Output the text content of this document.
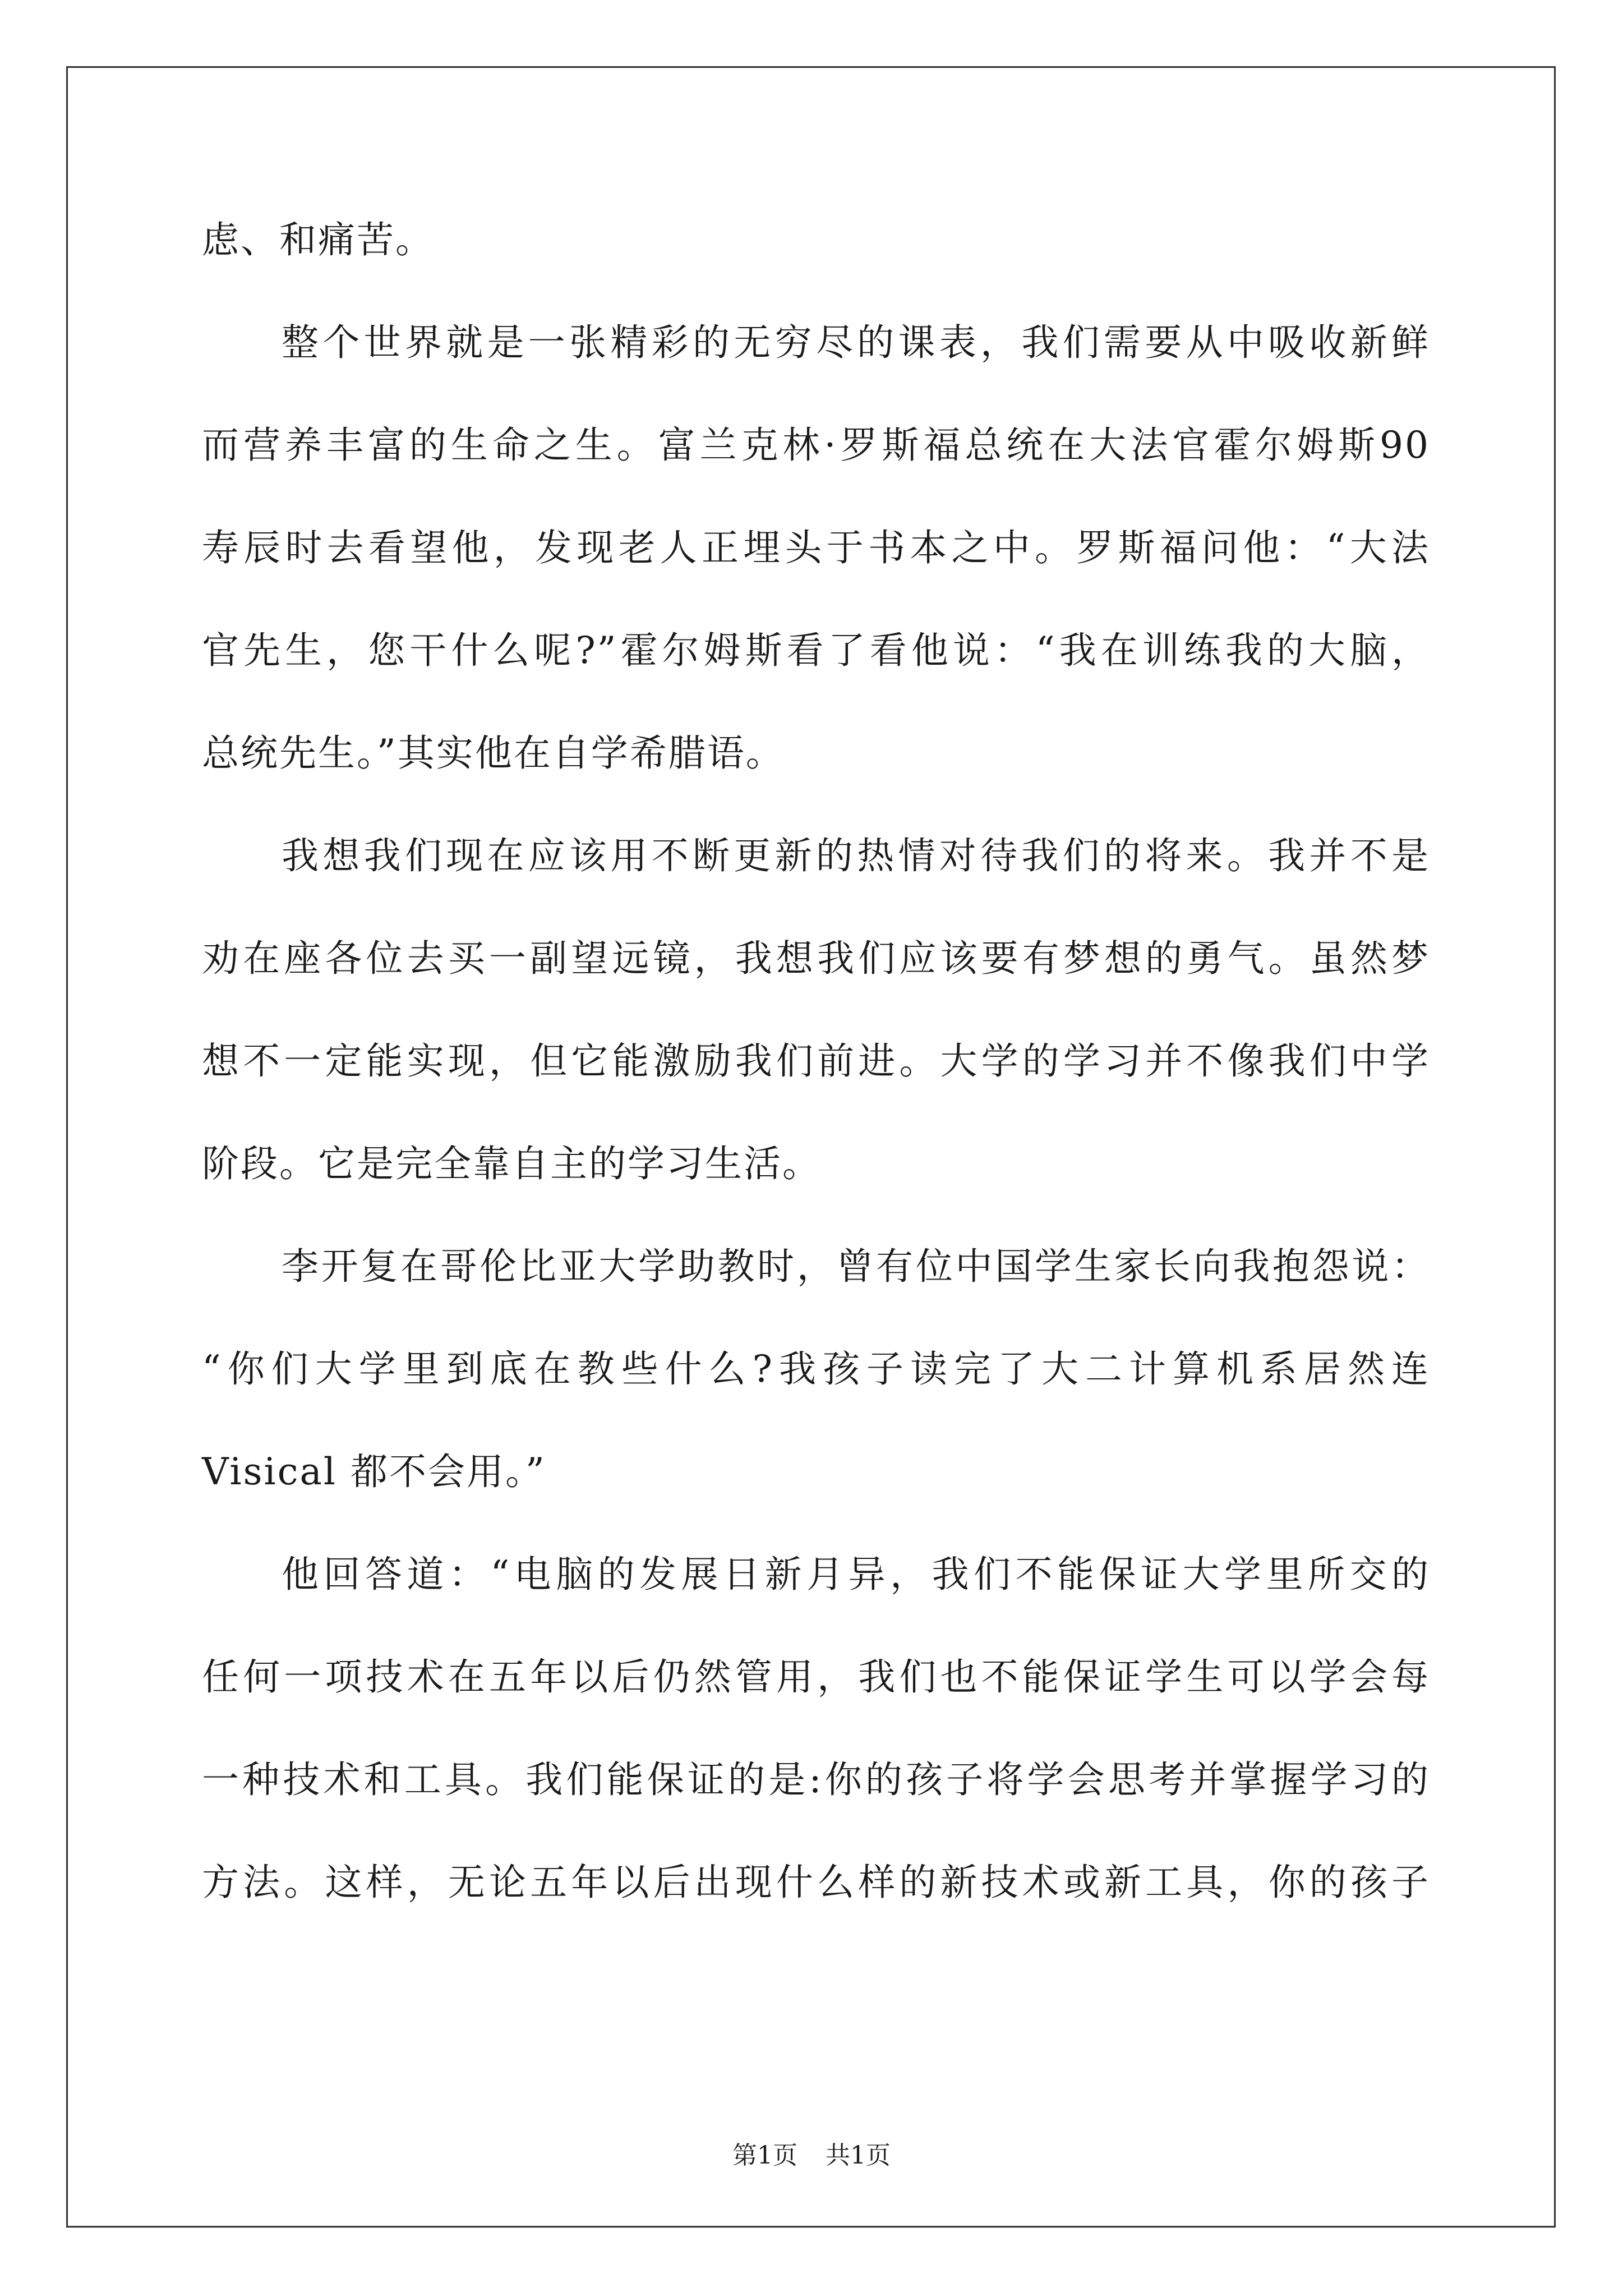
虑、和痛苦。
整个世界就是一张精彩的无穷尽的课表，我们需要从中吸收新鲜
而营养丰富的生命之生。富兰克林·罗斯福总统在大法官霍尔姆斯90
寿辰时去看望他，发现老人正埋头于书本之中。罗斯福问他：“大法
官先生，您干什么呢?”霍尔姆斯看了看他说：“我在训练我的大脑，
总统先生。”其实他在自学希腊语。
我想我们现在应该用不断更新的热情对待我们的将来。我并不是
劝在座各位去买一副望远镜，我想我们应该要有梦想的勇气。虽然梦
想不一定能实现，但它能激励我们前进。大学的学习并不像我们中学
阶段。它是完全靠自主的学习生活。
李开复在哥伦比亚大学助教时，曾有位中国学生家长向我抱怨说：
“你们大学里到底在教些什么?我孩子读完了大二计算机系居然连
Visical 都不会用。”
他回答道：“电脑的发展日新月异，我们不能保证大学里所交的
任何一项技术在五年以后仍然管用，我们也不能保证学生可以学会每
一种技术和工具。我们能保证的是:你的孩子将学会思考并掌握学习的
方法。这样，无论五年以后出现什么样的新技术或新工具，你的孩子
第1页 共1页
